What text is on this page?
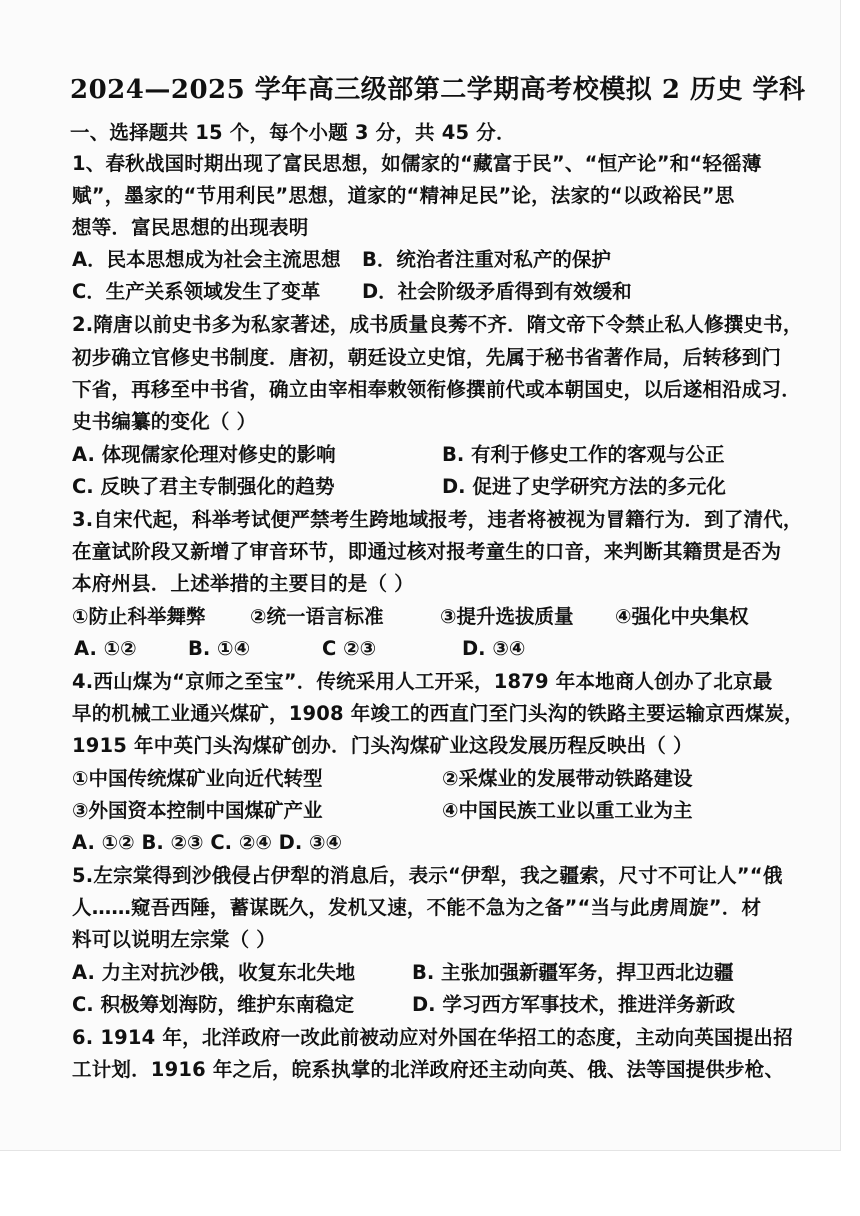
2024—2025 学年高三级部第二学期高考校模拟 2 历史 学科
一、选择题共 15 个，每个小题 3 分，共 45 分．
1、春秋战国时期出现了富民思想，如儒家的“藏富于民”、“恒产论”和“轻徭薄
赋”，墨家的“节用利民”思想，道家的“精神足民”论，法家的“以政裕民”思
想等．富民思想的出现表明
A．民本思想成为社会主流思想 B．统治者注重对私产的保护
C．生产关系领域发生了变革 D．社会阶级矛盾得到有效缓和
2.隋唐以前史书多为私家著述，成书质量良莠不齐．隋文帝下令禁止私人修撰史书，
初步确立官修史书制度．唐初，朝廷设立史馆，先属于秘书省著作局，后转移到门
下省，再移至中书省，确立由宰相奉敕领衔修撰前代或本朝国史，以后遂相沿成习．
史书编纂的变化（ ）
A. 体现儒家伦理对修史的影响	B. 有利于修史工作的客观与公正
C. 反映了君主专制强化的趋势	D. 促进了史学研究方法的多元化
3.自宋代起，科举考试便严禁考生跨地域报考，违者将被视为冒籍行为．到了清代，
在童试阶段又新增了审音环节，即通过核对报考童生的口音，来判断其籍贯是否为
本府州县．上述举措的主要目的是（ ）
①防止科举舞弊 ②统一语言标准	③提升选拔质量 ④强化中央集权
A. ①②	B. ①④	C ②③	D. ③④
4.西山煤为“京师之至宝”．传统采用人工开采，1879 年本地商人创办了北京最
早的机械工业通兴煤矿，1908 年竣工的西直门至门头沟的铁路主要运输京西煤炭，
1915 年中英门头沟煤矿创办．门头沟煤矿业这段发展历程反映出（ ）
①中国传统煤矿业向近代转型	②采煤业的发展带动铁路建设
③外国资本控制中国煤矿产业	④中国民族工业以重工业为主
A. ①② B. ②③ C. ②④ D. ③④
5.左宗棠得到沙俄侵占伊犁的消息后，表示“伊犁，我之疆索，尺寸不可让人”“俄
人……窥吾西陲，蓄谋既久，发机又速，不能不急为之备”“当与此虏周旋”．材
料可以说明左宗棠（ ）
A. 力主对抗沙俄，收复东北失地	B. 主张加强新疆军务，捍卫西北边疆
C. 积极筹划海防，维护东南稳定	D. 学习西方军事技术，推进洋务新政
6. 1914 年，北洋政府一改此前被动应对外国在华招工的态度，主动向英国提出招
工计划．1916 年之后，皖系执掌的北洋政府还主动向英、俄、法等国提供步枪、
